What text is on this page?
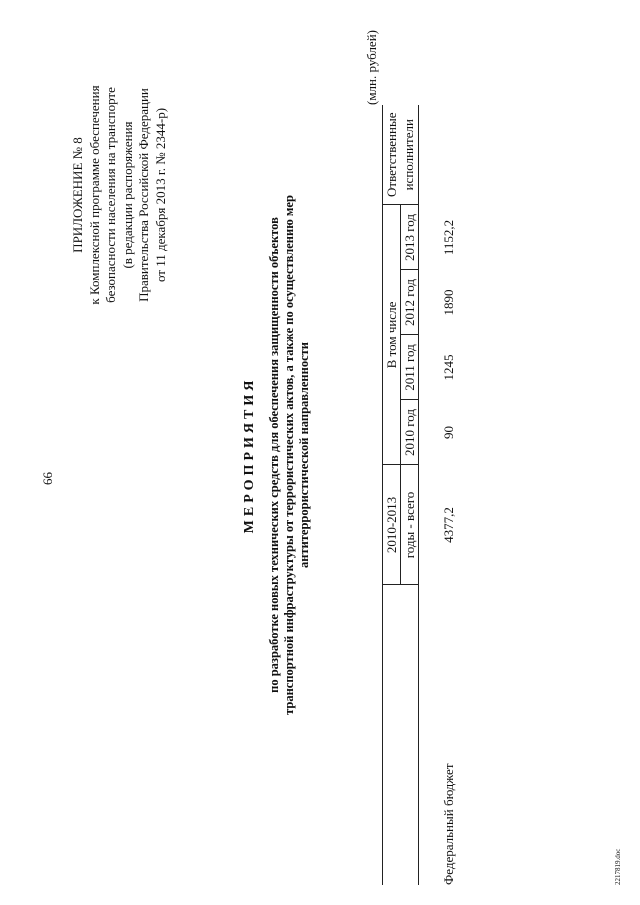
66
ПРИЛОЖЕНИЕ № 8 к Комплексной программе обеспечения безопасности населения на транспорте (в редакции распоряжения Правительства Российской Федерации от 11 декабря 2013 г. № 2344-р)
МЕРОПРИЯТИЯ по разработке новых технических средств для обеспечения защищенности объектов транспортной инфраструктуры от террористических актов, а также по осуществлению мер антитеррористической направленности
(млн. рублей)
	2010-2013	В том числе				Ответственные
	годы - всего	2010 год	2011 год	2012 год	2013 год	исполнители
Федеральный бюджет	4377,2	90	1245	1890	1152,2	
2217819.doc
